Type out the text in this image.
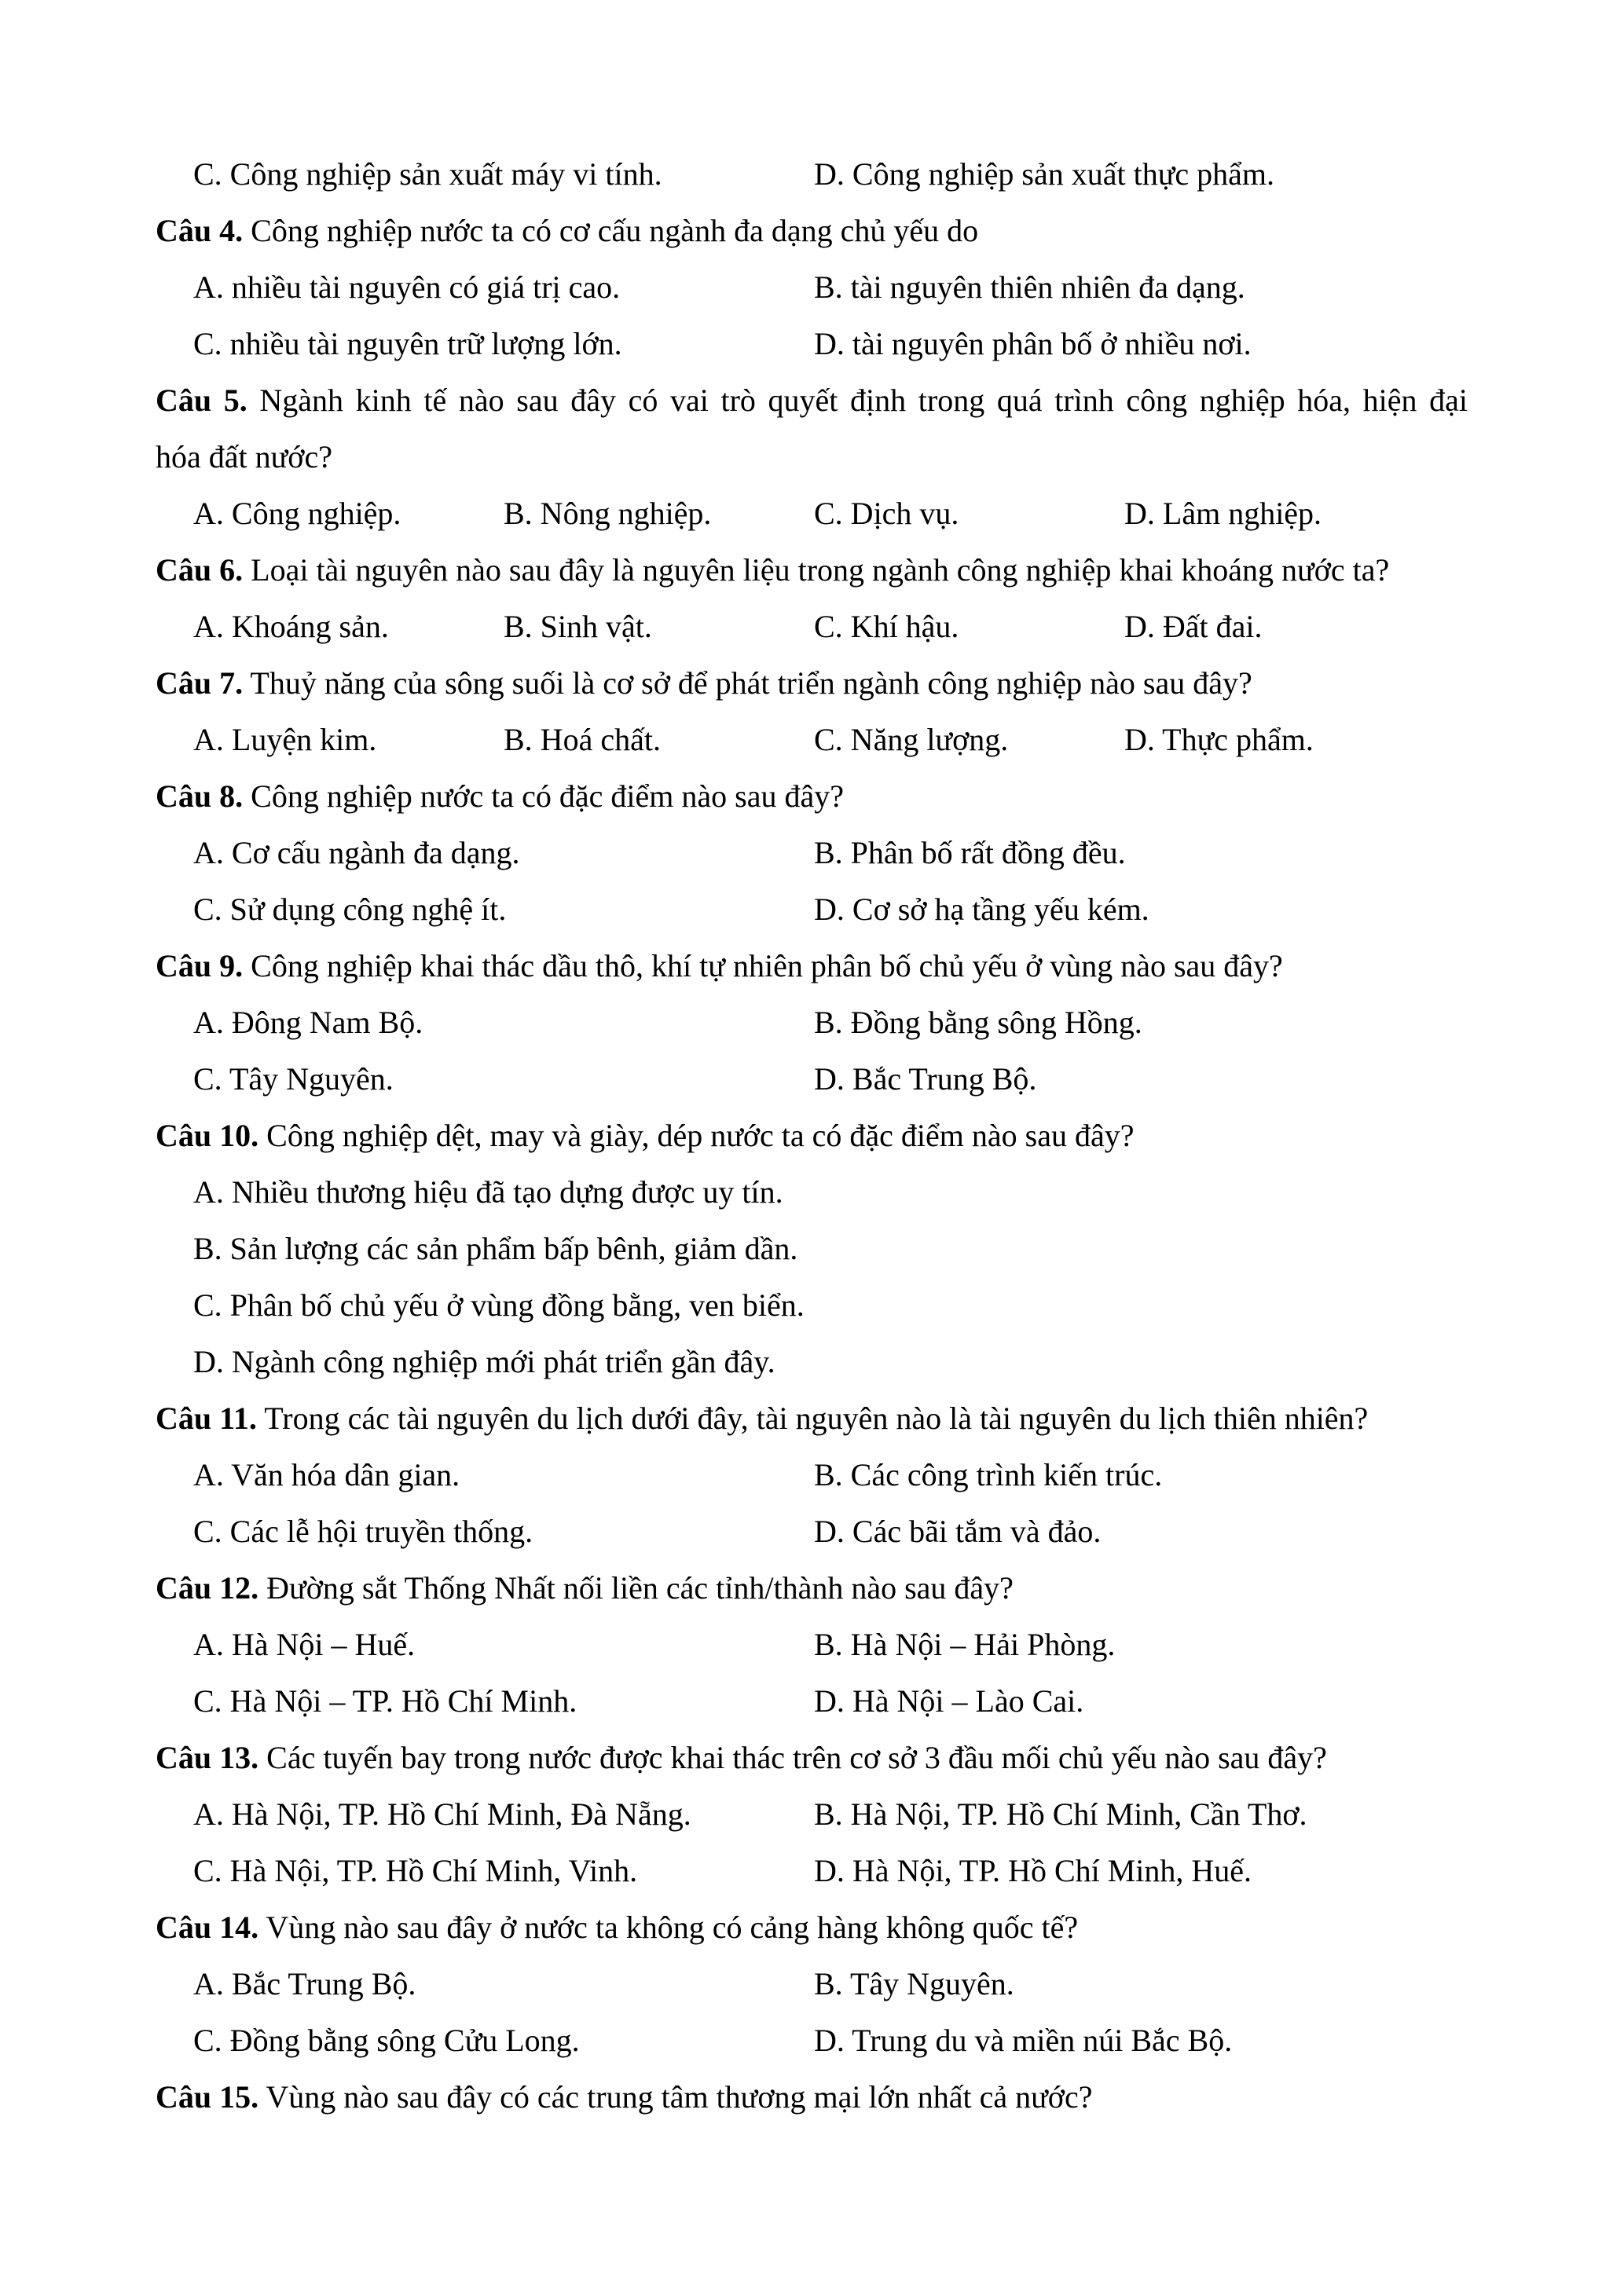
C. Công nghiệp sản xuất máy vi tính.	D. Công nghiệp sản xuất thực phẩm.
Câu 4. Công nghiệp nước ta có cơ cấu ngành đa dạng chủ yếu do
A. nhiều tài nguyên có giá trị cao.	B. tài nguyên thiên nhiên đa dạng.
C. nhiều tài nguyên trữ lượng lớn.	D. tài nguyên phân bố ở nhiều nơi.
Câu 5. Ngành kinh tế nào sau đây có vai trò quyết định trong quá trình công nghiệp hóa, hiện đại
hóa đất nước?
A. Công nghiệp.	B. Nông nghiệp.	C. Dịch vụ.	D. Lâm nghiệp.
Câu 6. Loại tài nguyên nào sau đây là nguyên liệu trong ngành công nghiệp khai khoáng nước ta?
A. Khoáng sản.	B. Sinh vật.	C. Khí hậu.	D. Đất đai.
Câu 7. Thuỷ năng của sông suối là cơ sở để phát triển ngành công nghiệp nào sau đây?
A. Luyện kim.	B. Hoá chất.	C. Năng lượng.	D. Thực phẩm.
Câu 8. Công nghiệp nước ta có đặc điểm nào sau đây?
A. Cơ cấu ngành đa dạng.	B. Phân bố rất đồng đều.
C. Sử dụng công nghệ ít.	D. Cơ sở hạ tầng yếu kém.
Câu 9. Công nghiệp khai thác dầu thô, khí tự nhiên phân bố chủ yếu ở vùng nào sau đây?
A. Đông Nam Bộ.	B. Đồng bằng sông Hồng.
C. Tây Nguyên.	D. Bắc Trung Bộ.
Câu 10. Công nghiệp dệt, may và giày, dép nước ta có đặc điểm nào sau đây?
A. Nhiều thương hiệu đã tạo dựng được uy tín.
B. Sản lượng các sản phẩm bấp bênh, giảm dần.
C. Phân bố chủ yếu ở vùng đồng bằng, ven biển.
D. Ngành công nghiệp mới phát triển gần đây.
Câu 11. Trong các tài nguyên du lịch dưới đây, tài nguyên nào là tài nguyên du lịch thiên nhiên?
A. Văn hóa dân gian.	B. Các công trình kiến trúc.
C. Các lễ hội truyền thống.	D. Các bãi tắm và đảo.
Câu 12. Đường sắt Thống Nhất nối liền các tỉnh/thành nào sau đây?
A. Hà Nội – Huế.	B. Hà Nội – Hải Phòng.
C. Hà Nội – TP. Hồ Chí Minh.	D. Hà Nội – Lào Cai.
Câu 13. Các tuyến bay trong nước được khai thác trên cơ sở 3 đầu mối chủ yếu nào sau đây?
A. Hà Nội, TP. Hồ Chí Minh, Đà Nẵng.	B. Hà Nội, TP. Hồ Chí Minh, Cần Thơ.
C. Hà Nội, TP. Hồ Chí Minh, Vinh.	D. Hà Nội, TP. Hồ Chí Minh, Huế.
Câu 14. Vùng nào sau đây ở nước ta không có cảng hàng không quốc tế?
A. Bắc Trung Bộ.	B. Tây Nguyên.
C. Đồng bằng sông Cửu Long.	D. Trung du và miền núi Bắc Bộ.
Câu 15. Vùng nào sau đây có các trung tâm thương mại lớn nhất cả nước?
